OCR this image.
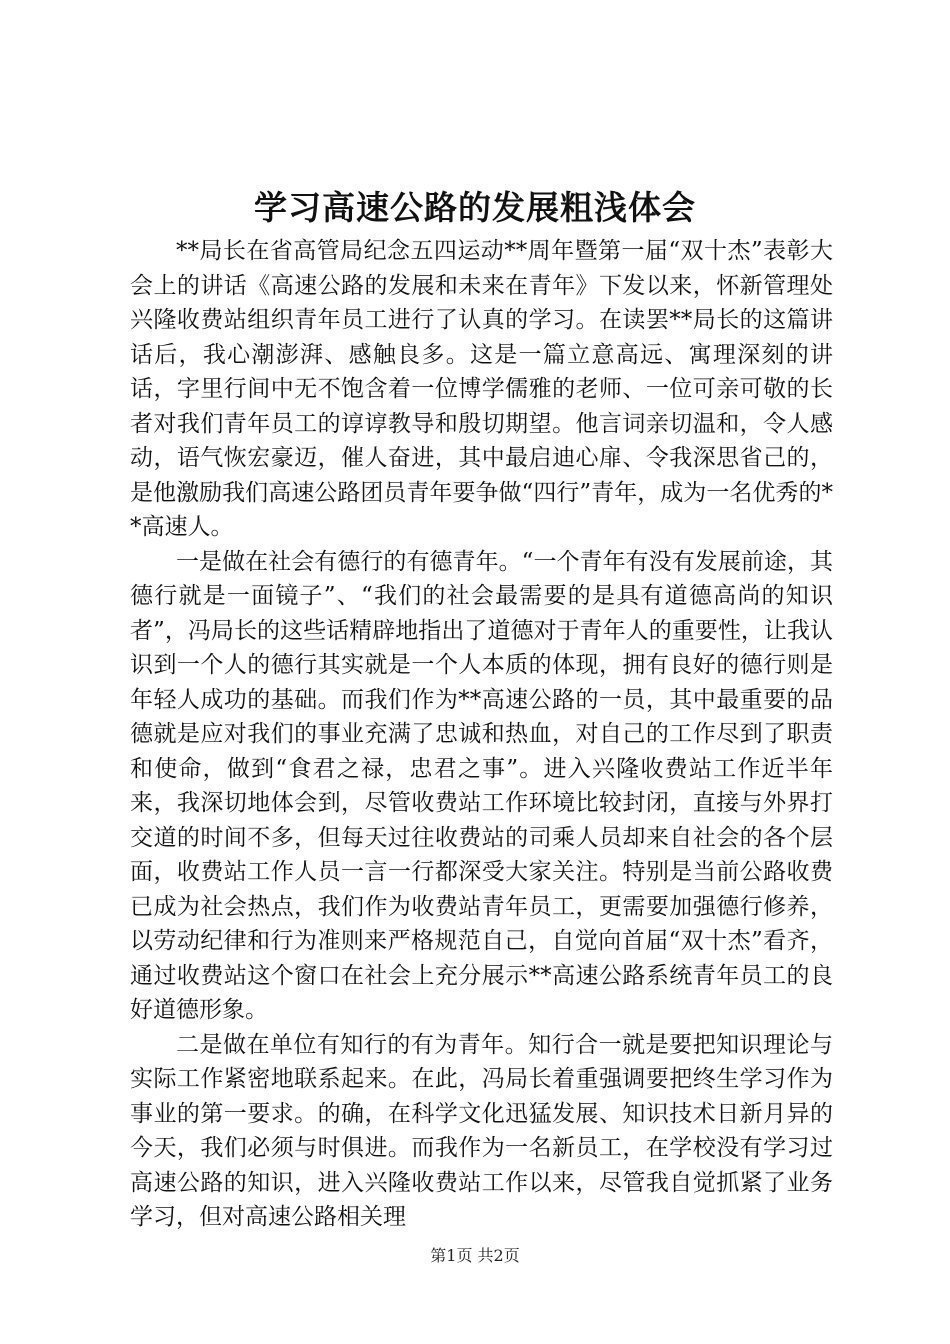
学习高速公路的发展粗浅体会

**局长在省高管局纪念五四运动**周年暨第一届“双十杰”表彰大会上的讲话《高速公路的发展和未来在青年》下发以来，怀新管理处兴隆收费站组织青年员工进行了认真的学习。在读罢**局长的这篇讲话后，我心潮澎湃、感触良多。这是一篇立意高远、寓理深刻的讲话，字里行间中无不饱含着一位博学儒雅的老师、一位可亲可敬的长者对我们青年员工的谆谆教导和殷切期望。他言词亲切温和，令人感动，语气恢宏豪迈，催人奋进，其中最启迪心扉、令我深思省己的，是他激励我们高速公路团员青年要争做“四行”青年，成为一名优秀的**高速人。

一是做在社会有德行的有德青年。“一个青年有没有发展前途，其德行就是一面镜子”、“我们的社会最需要的是具有道德高尚的知识者”，冯局长的这些话精辟地指出了道德对于青年人的重要性，让我认识到一个人的德行其实就是一个人本质的体现，拥有良好的德行则是年轻人成功的基础。而我们作为**高速公路的一员，其中最重要的品德就是应对我们的事业充满了忠诚和热血，对自己的工作尽到了职责和使命，做到“食君之禄，忠君之事”。进入兴隆收费站工作近半年来，我深切地体会到，尽管收费站工作环境比较封闭，直接与外界打交道的时间不多，但每天过往收费站的司乘人员却来自社会的各个层面，收费站工作人员一言一行都深受大家关注。特别是当前公路收费已成为社会热点，我们作为收费站青年员工，更需要加强德行修养，以劳动纪律和行为准则来严格规范自己，自觉向首届“双十杰”看齐，通过收费站这个窗口在社会上充分展示**高速公路系统青年员工的良好道德形象。

二是做在单位有知行的有为青年。知行合一就是要把知识理论与实际工作紧密地联系起来。在此，冯局长着重强调要把终生学习作为事业的第一要求。的确，在科学文化迅猛发展、知识技术日新月异的今天，我们必须与时俱进。而我作为一名新员工，在学校没有学习过高速公路的知识，进入兴隆收费站工作以来，尽管我自觉抓紧了业务学习，但对高速公路相关理

第1页 共2页
